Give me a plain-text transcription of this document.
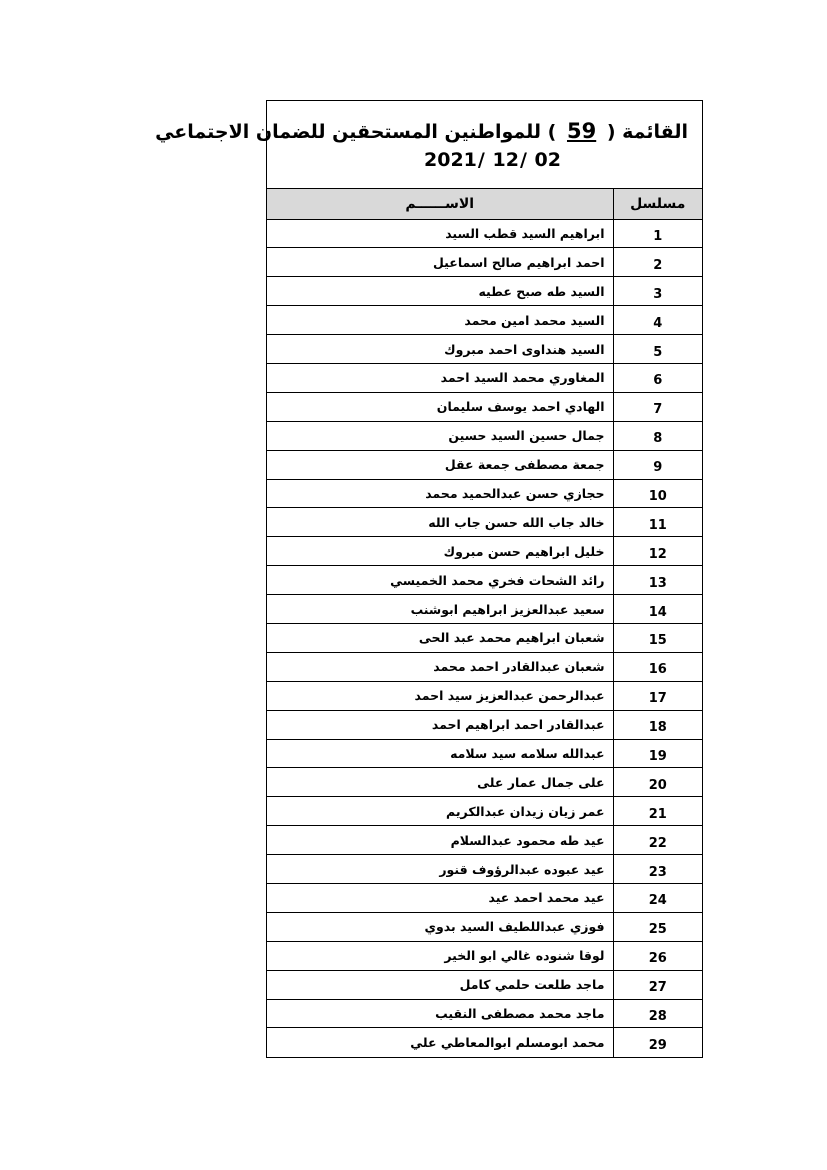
القائمة ( 59 ) للمواطنين المستحقين للضمان الاجتماعي
2021/ 12/ 02
مسلسل	الاســــــم
1	ابراهيم السيد قطب السيد
2	احمد ابراهيم صالح اسماعيل
3	السيد طه صبح عطيه
4	السيد محمد امين محمد
5	السيد هنداوى احمد مبروك
6	المغاوري محمد السيد احمد
7	الهادي احمد يوسف سليمان
8	جمال حسين السيد حسين
9	جمعة مصطفى جمعة عقل
10	حجازي حسن عبدالحميد محمد
11	خالد جاب الله حسن جاب الله
12	خليل ابراهيم حسن مبروك
13	رائد الشحات فخري محمد الخميسي
14	سعيد عبدالعزيز ابراهيم ابوشنب
15	شعبان ابراهيم محمد عبد الحى
16	شعبان عبدالقادر احمد محمد
17	عبدالرحمن عبدالعزيز سيد احمد
18	عبدالقادر احمد ابراهيم احمد
19	عبدالله سلامه سيد سلامه
20	على جمال عمار على
21	عمر زيان زيدان عبدالكريم
22	عيد طه محمود عبدالسلام
23	عيد عبوده عبدالرؤوف قنور
24	عيد محمد احمد عيد
25	فوزي عبداللطيف السيد بدوي
26	لوقا شنوده غالي ابو الخير
27	ماجد طلعت حلمي كامل
28	ماجد محمد مصطفى النقيب
29	محمد ابومسلم ابوالمعاطي علي
